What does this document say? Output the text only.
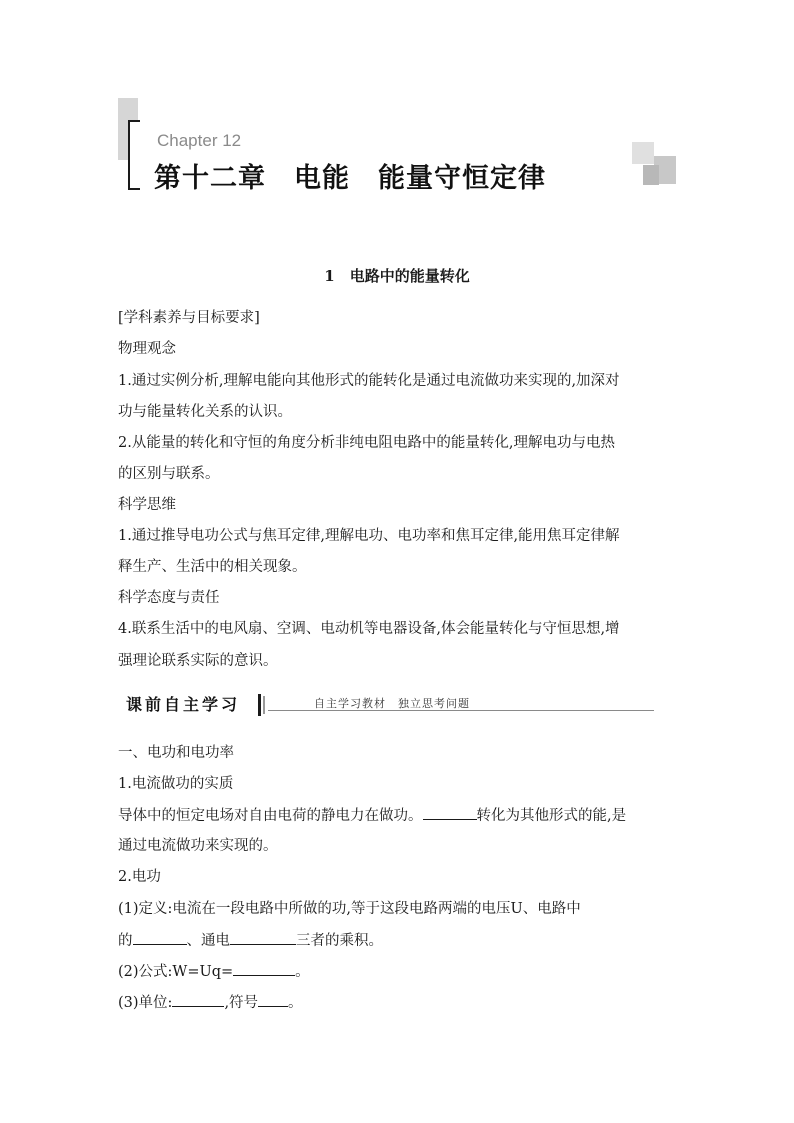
Chapter 12
第十二章　电能　能量守恒定律
1　电路中的能量转化
[学科素养与目标要求]
物理观念
1.通过实例分析,理解电能向其他形式的能转化是通过电流做功来实现的,加深对
功与能量转化关系的认识。
2.从能量的转化和守恒的角度分析非纯电阻电路中的能量转化,理解电功与电热
的区别与联系。
科学思维
1.通过推导电功公式与焦耳定律,理解电功、电功率和焦耳定律,能用焦耳定律解
释生产、生活中的相关现象。
科学态度与责任
4.联系生活中的电风扇、空调、电动机等电器设备,体会能量转化与守恒思想,增
强理论联系实际的意识。
课前自主学习	自主学习教材　独立思考问题
一、电功和电功率
1.电流做功的实质
导体中的恒定电场对自由电荷的静电力在做功。	转化为其他形式的能,是
通过电流做功来实现的。
2.电功
(1)定义:电流在一段电路中所做的功,等于这段电路两端的电压U、电路中
的	、通电	三者的乘积。
(2)公式:W=Uq=	。
(3)单位:	,符号 。
